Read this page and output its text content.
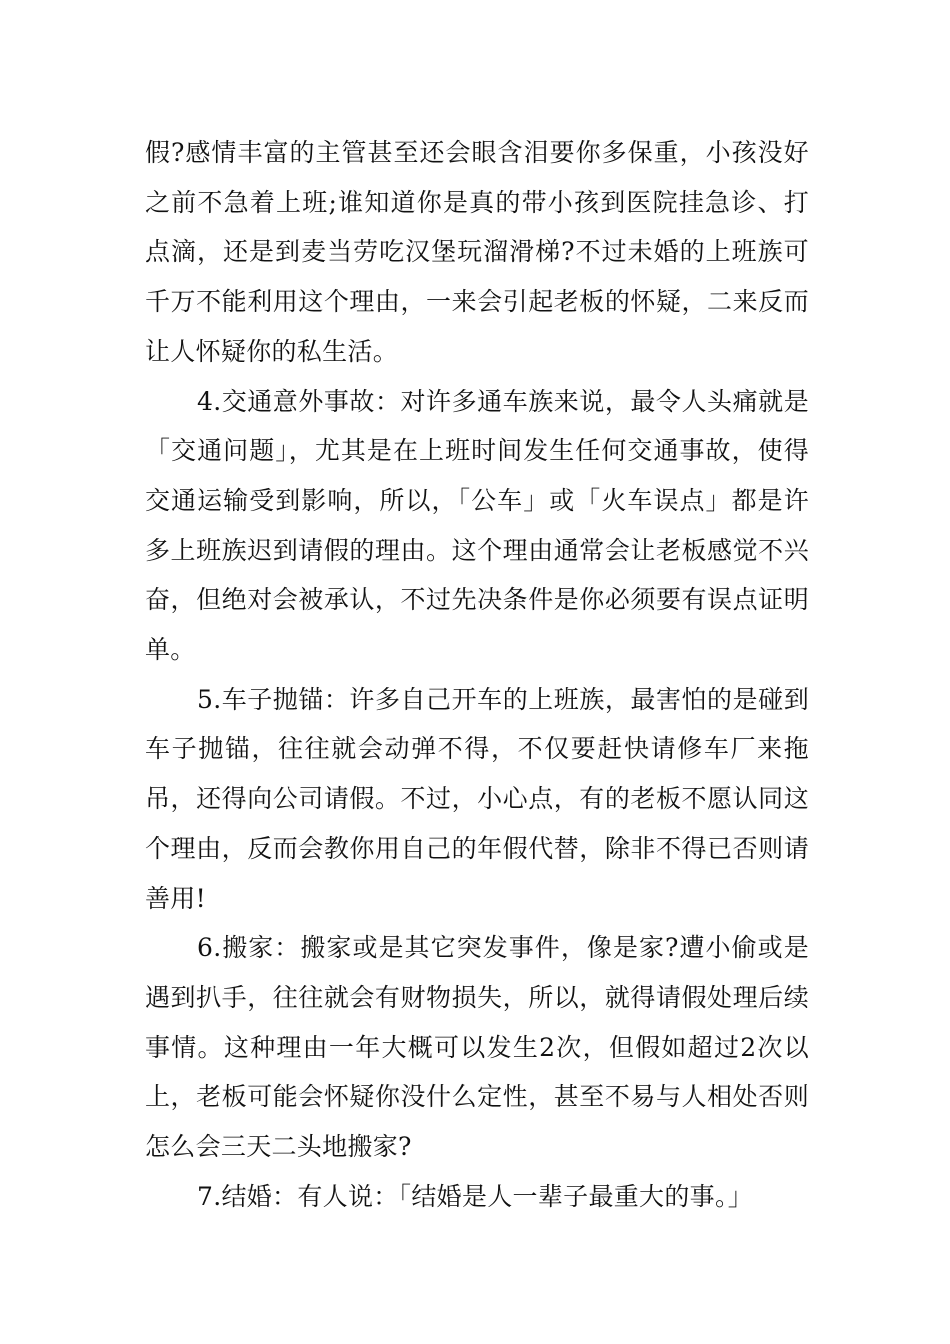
假?感情丰富的主管甚至还会眼含泪要你多保重，小孩没好之前不急着上班;谁知道你是真的带小孩到医院挂急诊、打点滴，还是到麦当劳吃汉堡玩溜滑梯?不过未婚的上班族可千万不能利用这个理由，一来会引起老板的怀疑，二来反而让人怀疑你的私生活。

4.交通意外事故：对许多通车族来说，最令人头痛就是「交通问题」，尤其是在上班时间发生任何交通事故，使得交通运输受到影响，所以，「公车」或「火车误点」都是许多上班族迟到请假的理由。这个理由通常会让老板感觉不兴奋，但绝对会被承认，不过先决条件是你必须要有误点证明单。

5.车子抛锚：许多自己开车的上班族，最害怕的是碰到车子抛锚，往往就会动弹不得，不仅要赶快请修车厂来拖吊，还得向公司请假。不过，小心点，有的老板不愿认同这个理由，反而会教你用自己的年假代替，除非不得已否则请善用!

6.搬家：搬家或是其它突发事件，像是家?遭小偷或是遇到扒手，往往就会有财物损失，所以，就得请假处理后续事情。这种理由一年大概可以发生2次，但假如超过2次以上，老板可能会怀疑你没什么定性，甚至不易与人相处否则怎么会三天二头地搬家?

7.结婚：有人说：「结婚是人一辈子最重大的事。」
